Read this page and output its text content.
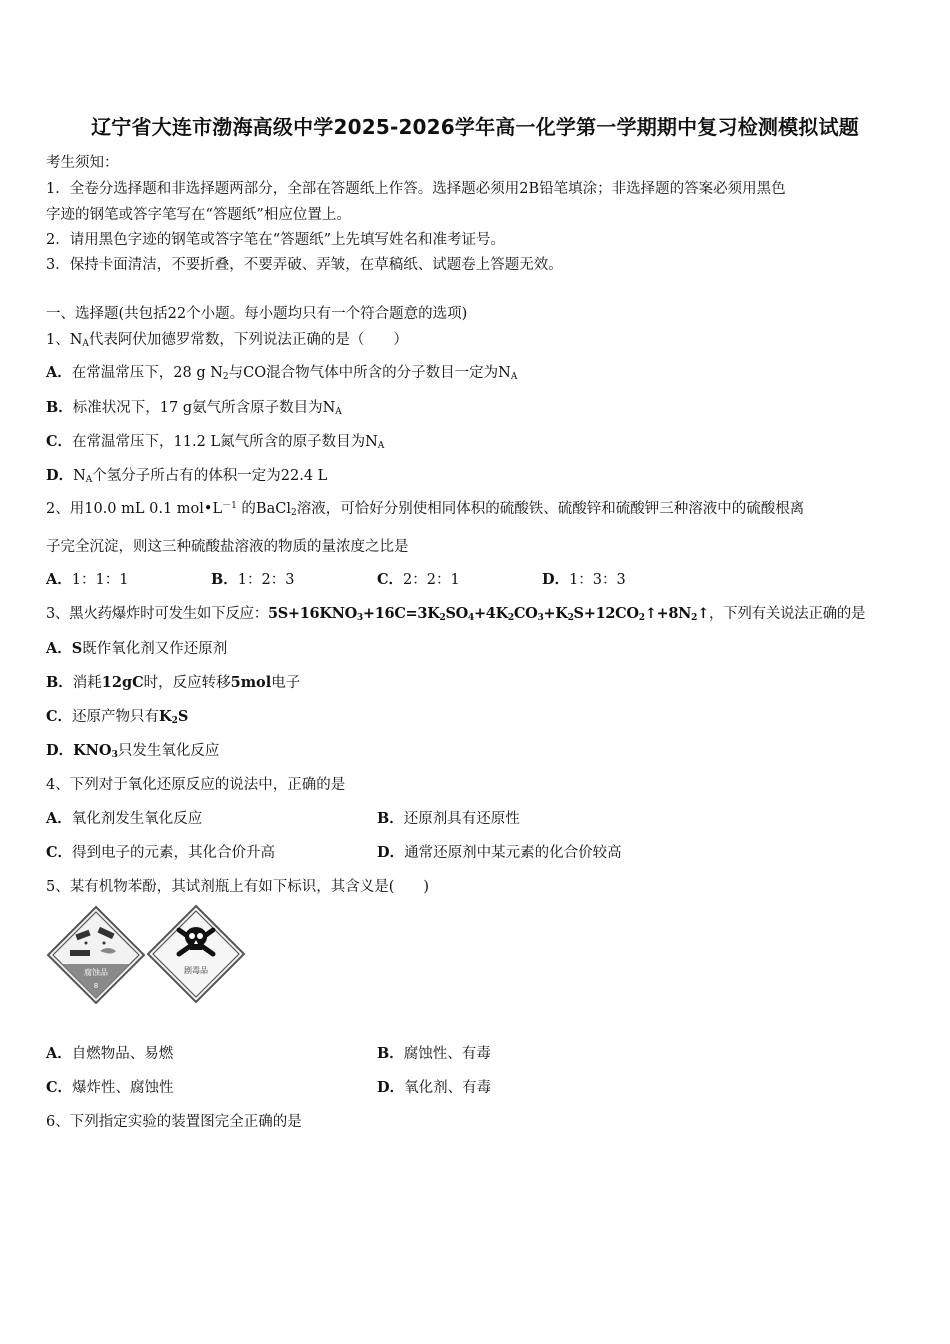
辽宁省大连市渤海高级中学2025-2026学年高一化学第一学期期中复习检测模拟试题
考生须知：
1．全卷分选择题和非选择题两部分，全部在答题纸上作答。选择题必须用2B铅笔填涂；非选择题的答案必须用黑色
字迹的钢笔或答字笔写在“答题纸”相应位置上。
2．请用黑色字迹的钢笔或答字笔在“答题纸”上先填写姓名和准考证号。
3．保持卡面清洁，不要折叠，不要弄破、弄皱，在草稿纸、试题卷上答题无效。
一、选择题(共包括22个小题。每小题均只有一个符合题意的选项)
1、$N_A$代表阿伏加德罗常数，下列说法正确的是（　　）
A．在常温常压下，28 g $N_2$与CO混合物气体中所含的分子数目一定为$N_A$
B．标准状况下，17 g氨气所含原子数目为$N_A$
C．在常温常压下，11.2 L氮气所含的原子数目为$N_A$
D．$N_A$个氢分子所占有的体积一定为22.4 L
2、用10.0 mL 0.1 $mol•L^{-1}$ 的BaCl$_2$溶液，可恰好分别使相同体积的硫酸铁、硫酸锌和硫酸钾三种溶液中的硫酸根离
子完全沉淀，则这三种硫酸盐溶液的物质的量浓度之比是
A．1：1：1	B．1：2：3	C．2：2：1	D．1：3：3
3、黑火药爆炸时可发生如下反应：$5S+16KNO_3+16C=3K_2SO_4+4K_2CO_3+K_2S+12CO_2↑+8N_2↑$，下列有关说法正确的是
A．S既作氧化剂又作还原剂
B．消耗12gC时，反应转移5mol电子
C．还原产物只有$K_2S$
D．$KNO_3$只发生氧化反应
4、下列对于氧化还原反应的说法中，正确的是
A．氧化剂发生氧化反应	B．还原剂具有还原性
C．得到电子的元素，其化合价升高	D．通常还原剂中某元素的化合价较高
5、某有机物苯酚，其试剂瓶上有如下标识，其含义是(　　)
腐蚀品
8
剧毒品
A．自燃物品、易燃	B．腐蚀性、有毒
C．爆炸性、腐蚀性	D．氧化剂、有毒
6、下列指定实验的装置图完全正确的是
